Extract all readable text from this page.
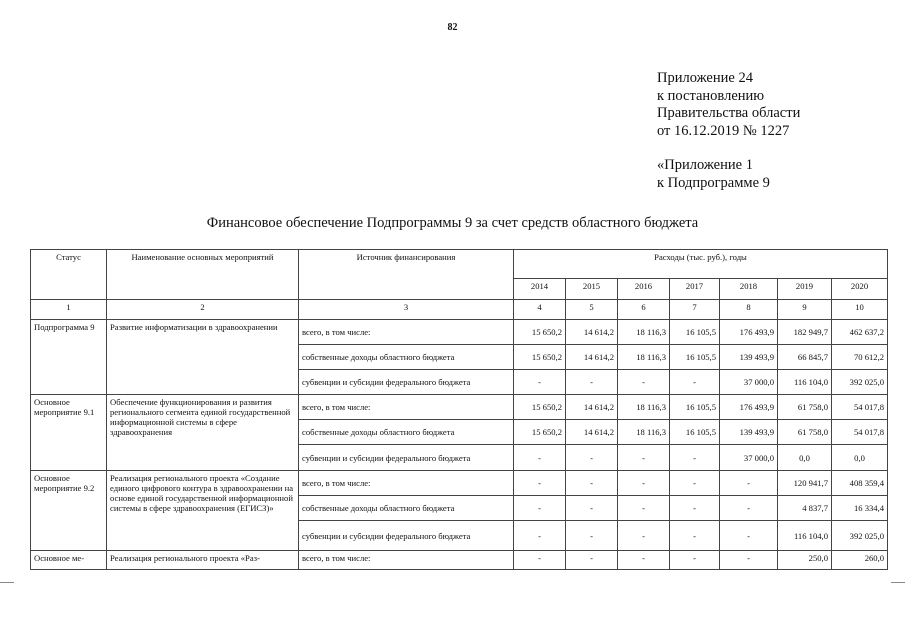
82
Приложение 24
к постановлению
Правительства области
от 16.12.2019 № 1227
«Приложение 1
к Подпрограмме 9
Финансовое обеспечение Подпрограммы 9 за счет средств областного бюджета
Статус	Наименование основных мероприятий	Источник финансирования	Расходы (тыс. руб.), годы						
			2014	2015	2016	2017	2018	2019	2020
1	2	3	4	5	6	7	8	9	10
Подпрограмма 9	Развитие информатизации в здравоохранении	всего, в том числе:	15 650,2	14 614,2	18 116,3	16 105,5	176 493,9	182 949,7	462 637,2
		собственные доходы областного бюджета	15 650,2	14 614,2	18 116,3	16 105,5	139 493,9	66 845,7	70 612,2
		субвенции и субсидии федерального бюджета	-	-	-	-	37 000,0	116 104,0	392 025,0
Основное мероприятие 9.1	Обеспечение функционирования и развития регионального сегмента единой государственной информационной системы в сфере здравоохранения	всего, в том числе:	15 650,2	14 614,2	18 116,3	16 105,5	176 493,9	61 758,0	54 017,8
		собственные доходы областного бюджета	15 650,2	14 614,2	18 116,3	16 105,5	139 493,9	61 758,0	54 017,8
		субвенции и субсидии федерального бюджета	-	-	-	-	37 000,0	0,0	0,0
Основное мероприятие 9.2	Реализация регионального проекта «Создание единого цифрового контура в здравоохранении на основе единой государственной информационной системы в сфере здравоохранения (ЕГИСЗ)»	всего, в том числе:	-	-	-	-	-	120 941,7	408 359,4
		собственные доходы областного бюджета	-	-	-	-	-	4 837,7	16 334,4
		субвенции и субсидии федерального бюджета	-	-	-	-	-	116 104,0	392 025,0
Основное ме-	Реализация регионального проекта «Раз-	всего, в том числе:	-	-	-	-	-	250,0	260,0
